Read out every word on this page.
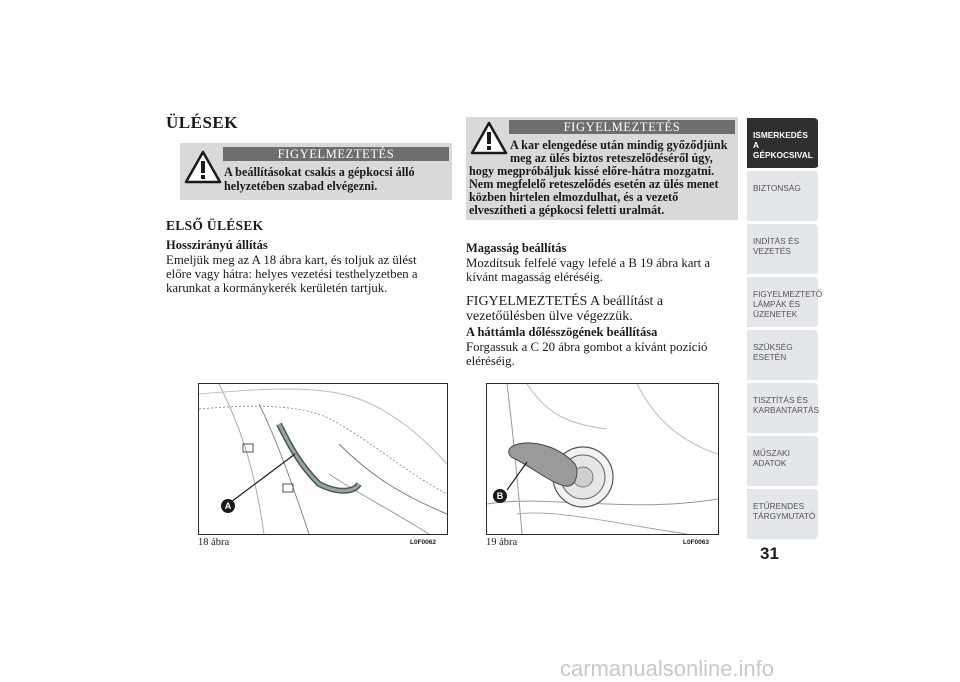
ÜLÉSEK
FIGYELMEZTETÉS
A beállításokat csakis a gépkocsi álló helyzetében szabad elvégezni.
ELSŐ ÜLÉSEK
Hosszirányú állítás
Emeljük meg az A 18 ábra kart, és toljuk az ülést előre vagy hátra: helyes vezetési testhelyzetben a karunkat a kormánykerék kerületén tartjuk.
FIGYELMEZTETÉS
A kar elengedése után mindig győződjünk
meg az ülés biztos reteszelődéséről úgy,
hogy megpróbáljuk kissé előre-hátra mozgatni.
Nem megfelelő reteszelődés esetén az ülés menet
közben hirtelen elmozdulhat, és a vezető
elveszítheti a gépkocsi feletti uralmát.
Magasság beállítás
Mozdítsuk felfelé vagy lefelé a B 19 ábra kart a kívánt magasság eléréséig.
FIGYELMEZTETÉS A beállítást a vezetőülésben ülve végezzük.
A háttámla dőlésszögének beállítása
Forgassuk a C 20 ábra gombot a kívánt pozíció eléréséig.
A
18 ábra	L0F0062
B
19 ábra	L0F0063
ISMERKEDÉS A GÉPKOCSIVAL
BIZTONSÁG
INDÍTÁS ÉS VEZETÉS
FIGYELMEZTETŐ LÁMPÁK ÉS ÜZENETEK
SZÜKSÉG ESETÉN
TISZTÍTÁS ÉS KARBANTARTÁS
MŰSZAKI ADATOK
ETŰRENDES TÁRGYMUTATÓ
31
carmanualsonline.info
